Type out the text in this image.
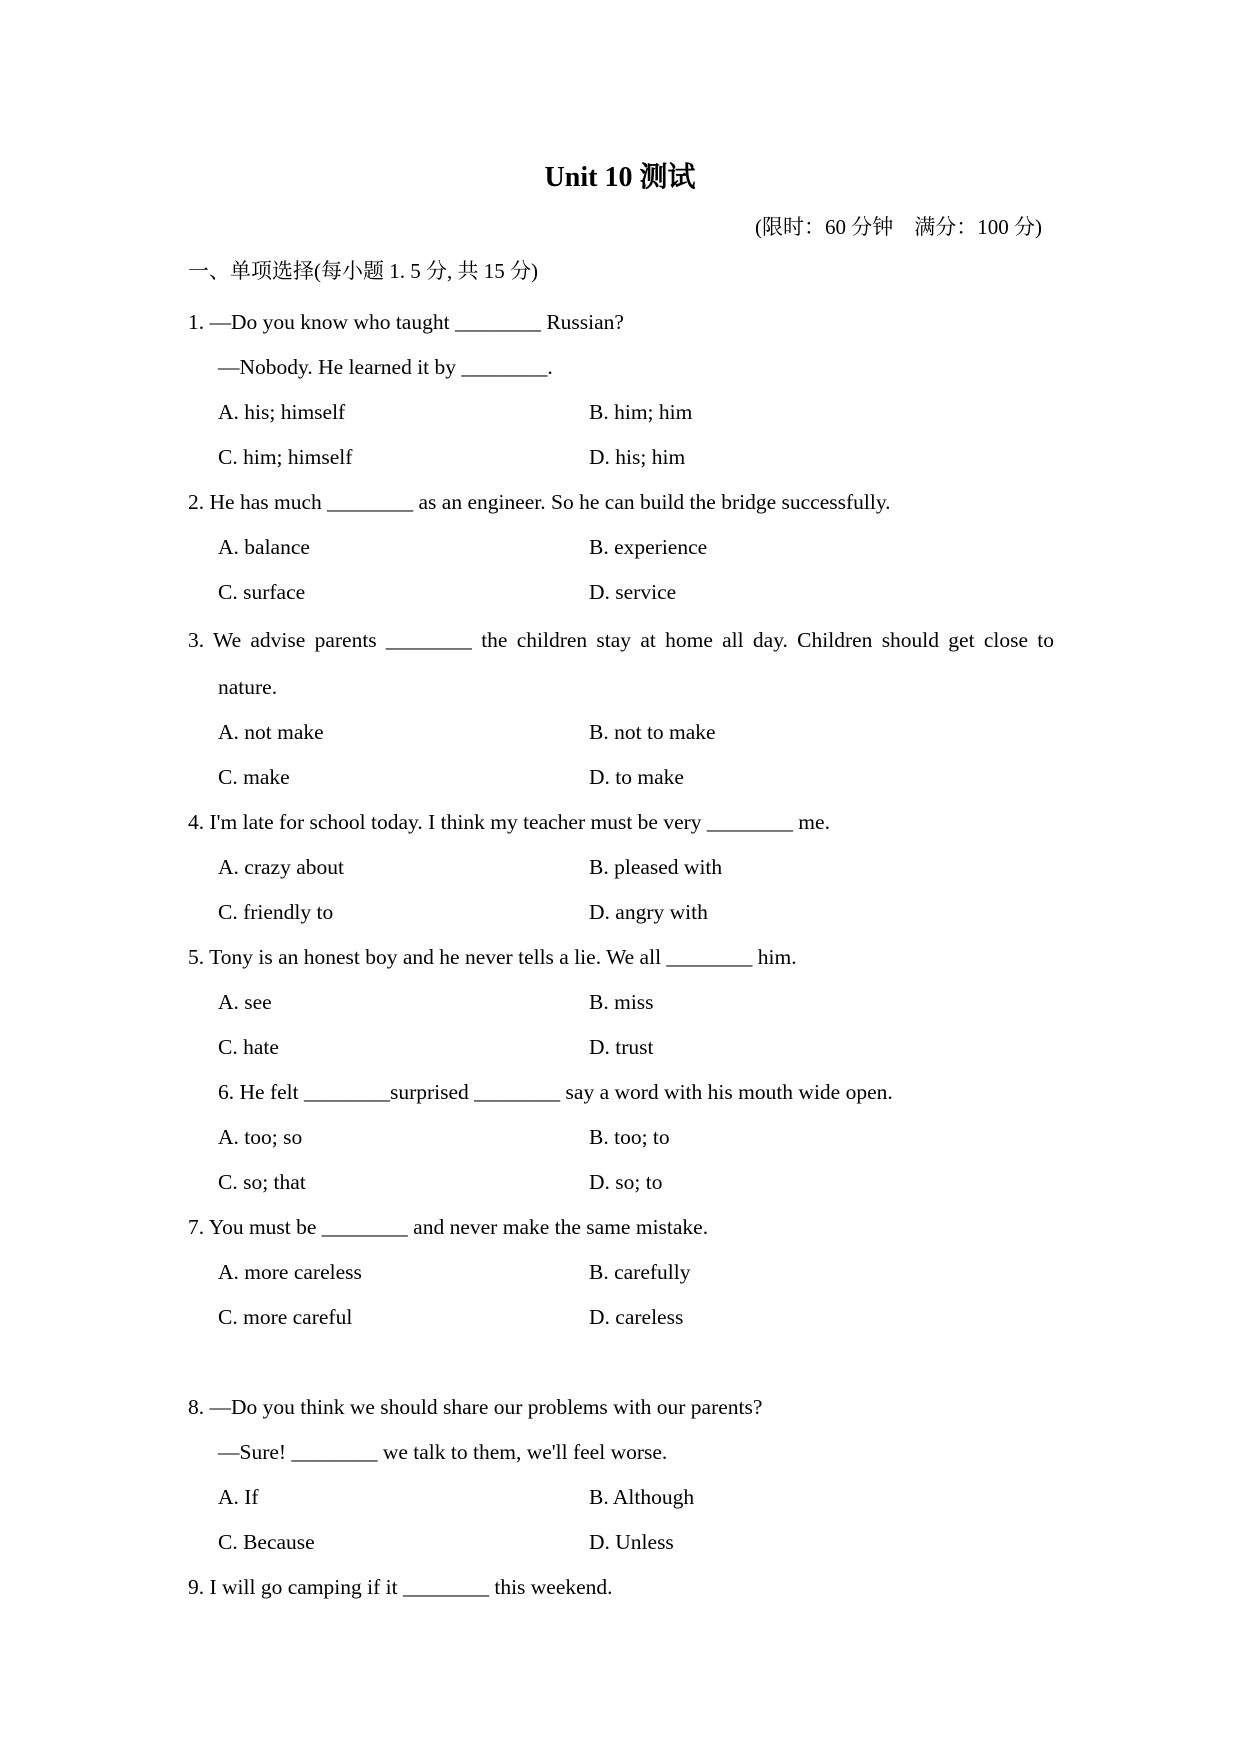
Unit 10 测试
(限时：60 分钟    满分：100 分)
一、单项选择(每小题 1. 5 分, 共 15 分)
1. —Do you know who taught ________ Russian?
—Nobody. He learned it by ________.
A. his; himself	B. him; him
C. him; himself	D. his; him
2. He has much ________ as an engineer. So he can build the bridge successfully.
A. balance	B. experience
C. surface	D. service
3. We advise parents ________ the children stay at home all day. Children should get close to
nature.
A. not make	B. not to make
C. make	D. to make
4. I'm late for school today. I think my teacher must be very ________ me.
A. crazy about	B. pleased with
C. friendly to	D. angry with
5. Tony is an honest boy and he never tells a lie. We all ________ him.
A. see	B. miss
C. hate	D. trust
6. He felt ________surprised ________ say a word with his mouth wide open.
A. too; so	B. too; to
C. so; that	D. so; to
7. You must be ________ and never make the same mistake.
A. more careless	B. carefully
C. more careful	D. careless
8. —Do you think we should share our problems with our parents?
—Sure! ________ we talk to them, we'll feel worse.
A. If	B. Although
C. Because	D. Unless
9. I will go camping if it ________ this weekend.
